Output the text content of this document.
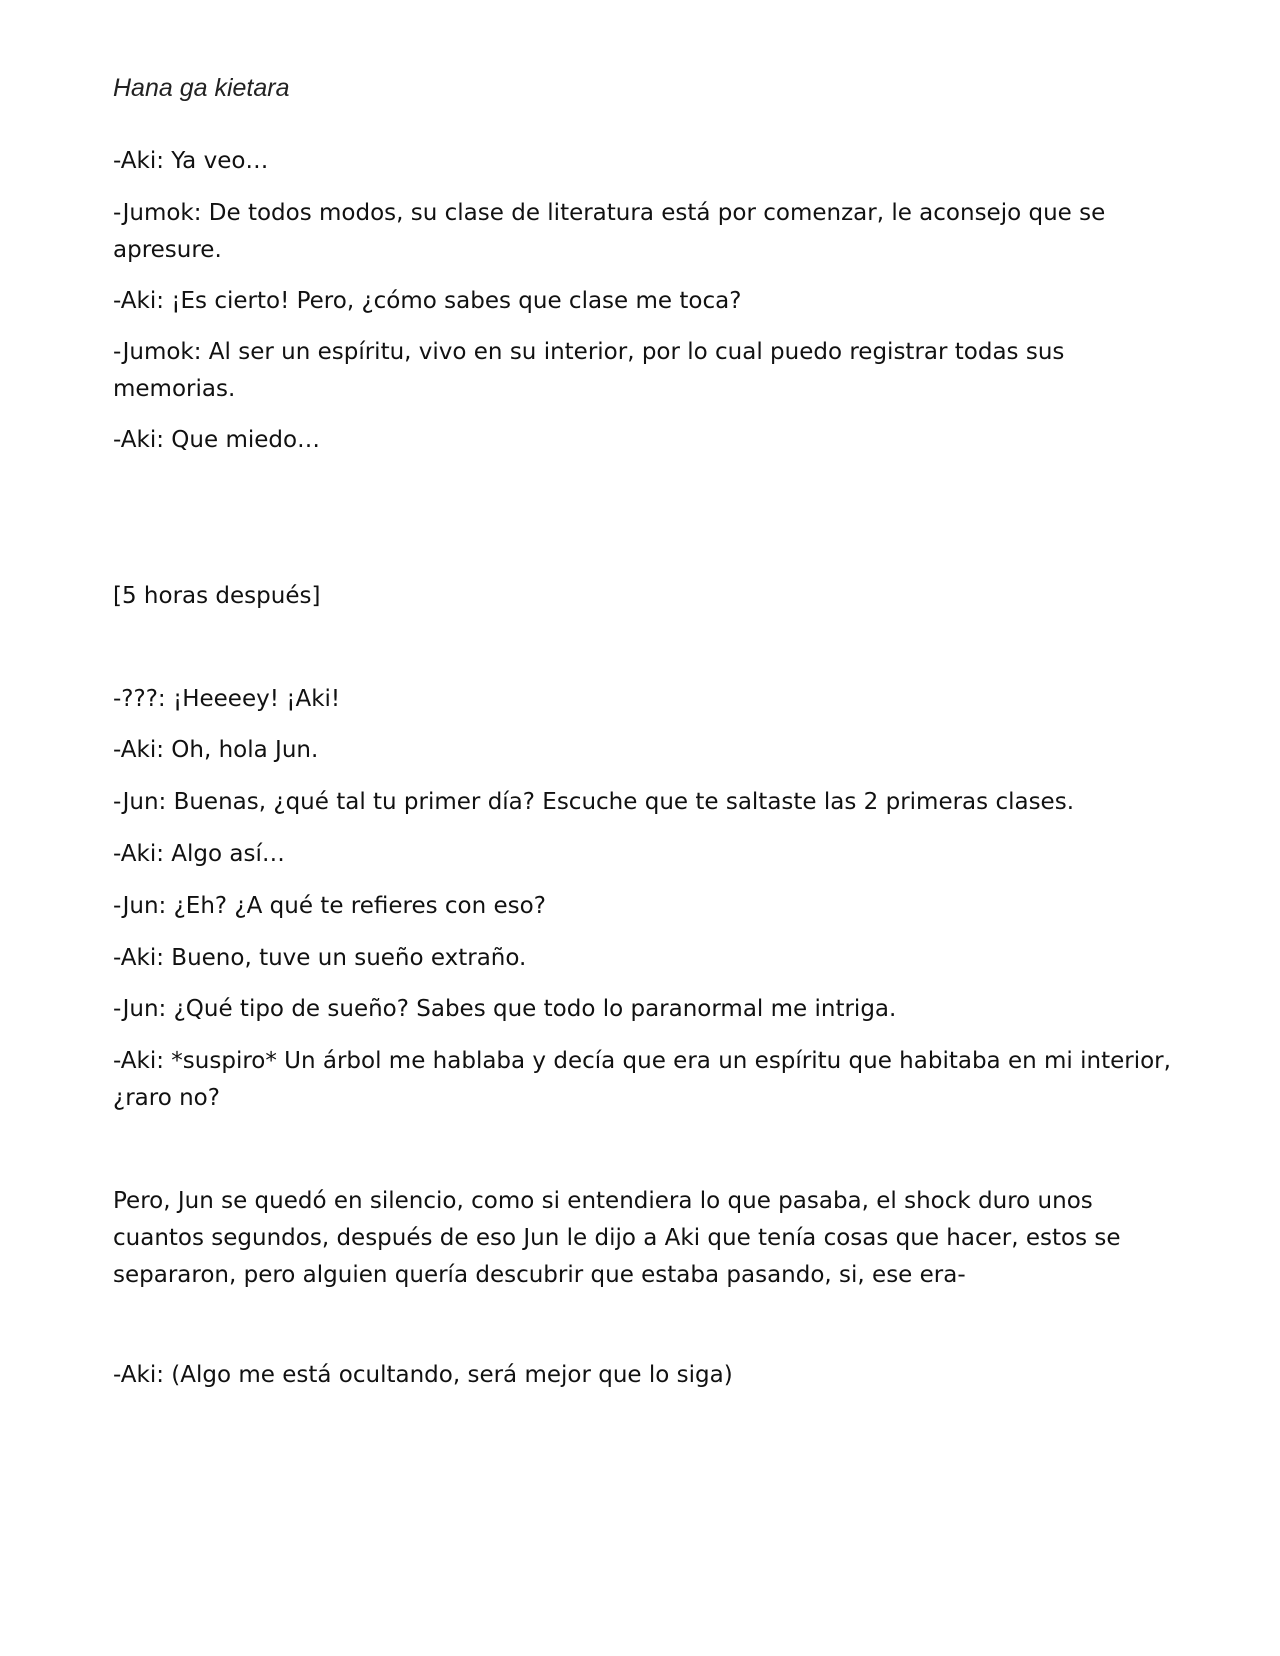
Hana ga kietara
-Aki: Ya veo…
-Jumok: De todos modos, su clase de literatura está por comenzar, le aconsejo que se apresure.
-Aki: ¡Es cierto! Pero, ¿cómo sabes que clase me toca?
-Jumok: Al ser un espíritu, vivo en su interior, por lo cual puedo registrar todas sus memorias.
-Aki: Que miedo…
[5 horas después]
-???: ¡Heeeey! ¡Aki!
-Aki: Oh, hola Jun.
-Jun: Buenas, ¿qué tal tu primer día? Escuche que te saltaste las 2 primeras clases.
-Aki: Algo así…
-Jun: ¿Eh? ¿A qué te refieres con eso?
-Aki: Bueno, tuve un sueño extraño.
-Jun: ¿Qué tipo de sueño? Sabes que todo lo paranormal me intriga.
-Aki: *suspiro* Un árbol me hablaba y decía que era un espíritu que habitaba en mi interior, ¿raro no?
Pero, Jun se quedó en silencio, como si entendiera lo que pasaba, el shock duro unos cuantos segundos, después de eso Jun le dijo a Aki que tenía cosas que hacer, estos se separaron, pero alguien quería descubrir que estaba pasando, si, ese era-
-Aki: (Algo me está ocultando, será mejor que lo siga)
